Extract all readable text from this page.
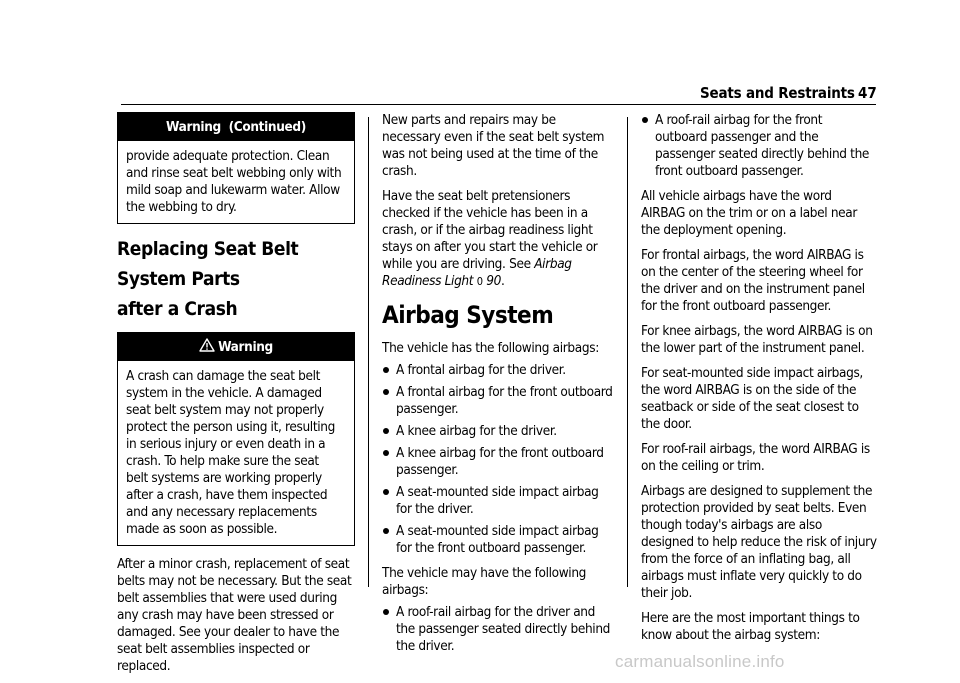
Seats and Restraints 47
Warning  (Continued)
provide adequate protection. Clean and rinse seat belt webbing only with mild soap and lukewarm water. Allow the webbing to dry.
Replacing Seat Belt System Parts
after a Crash
Warning
A crash can damage the seat belt system in the vehicle. A damaged seat belt system may not properly protect the person using it, resulting in serious injury or even death in a crash. To help make sure the seat belt systems are working properly after a crash, have them inspected and any necessary replacements made as soon as possible.

After a minor crash, replacement of seat belts may not be necessary. But the seat belt assemblies that were used during any crash may have been stressed or damaged. See your dealer to have the seat belt assemblies inspected or replaced.

New parts and repairs may be necessary even if the seat belt system was not being used at the time of the crash.

Have the seat belt pretensioners checked if the vehicle has been in a crash, or if the airbag readiness light stays on after you start the vehicle or while you are driving. See Airbag Readiness Light 0 90.

Airbag System

The vehicle has the following airbags:

A frontal airbag for the driver.
A frontal airbag for the front outboard passenger.
A knee airbag for the driver.
A knee airbag for the front outboard passenger.
A seat-mounted side impact airbag for the driver.
A seat-mounted side impact airbag for the front outboard passenger.

The vehicle may have the following airbags:

A roof-rail airbag for the driver and the passenger seated directly behind the driver.
A roof-rail airbag for the front outboard passenger and the passenger seated directly behind the front outboard passenger.

All vehicle airbags have the word AIRBAG on the trim or on a label near the deployment opening.

For frontal airbags, the word AIRBAG is on the center of the steering wheel for the driver and on the instrument panel for the front outboard passenger.

For knee airbags, the word AIRBAG is on the lower part of the instrument panel.

For seat-mounted side impact airbags, the word AIRBAG is on the side of the seatback or side of the seat closest to the door.

For roof-rail airbags, the word AIRBAG is on the ceiling or trim.

Airbags are designed to supplement the protection provided by seat belts. Even though today's airbags are also designed to help reduce the risk of injury from the force of an inflating bag, all airbags must inflate very quickly to do their job.

Here are the most important things to know about the airbag system:

carmanualsonline.info
